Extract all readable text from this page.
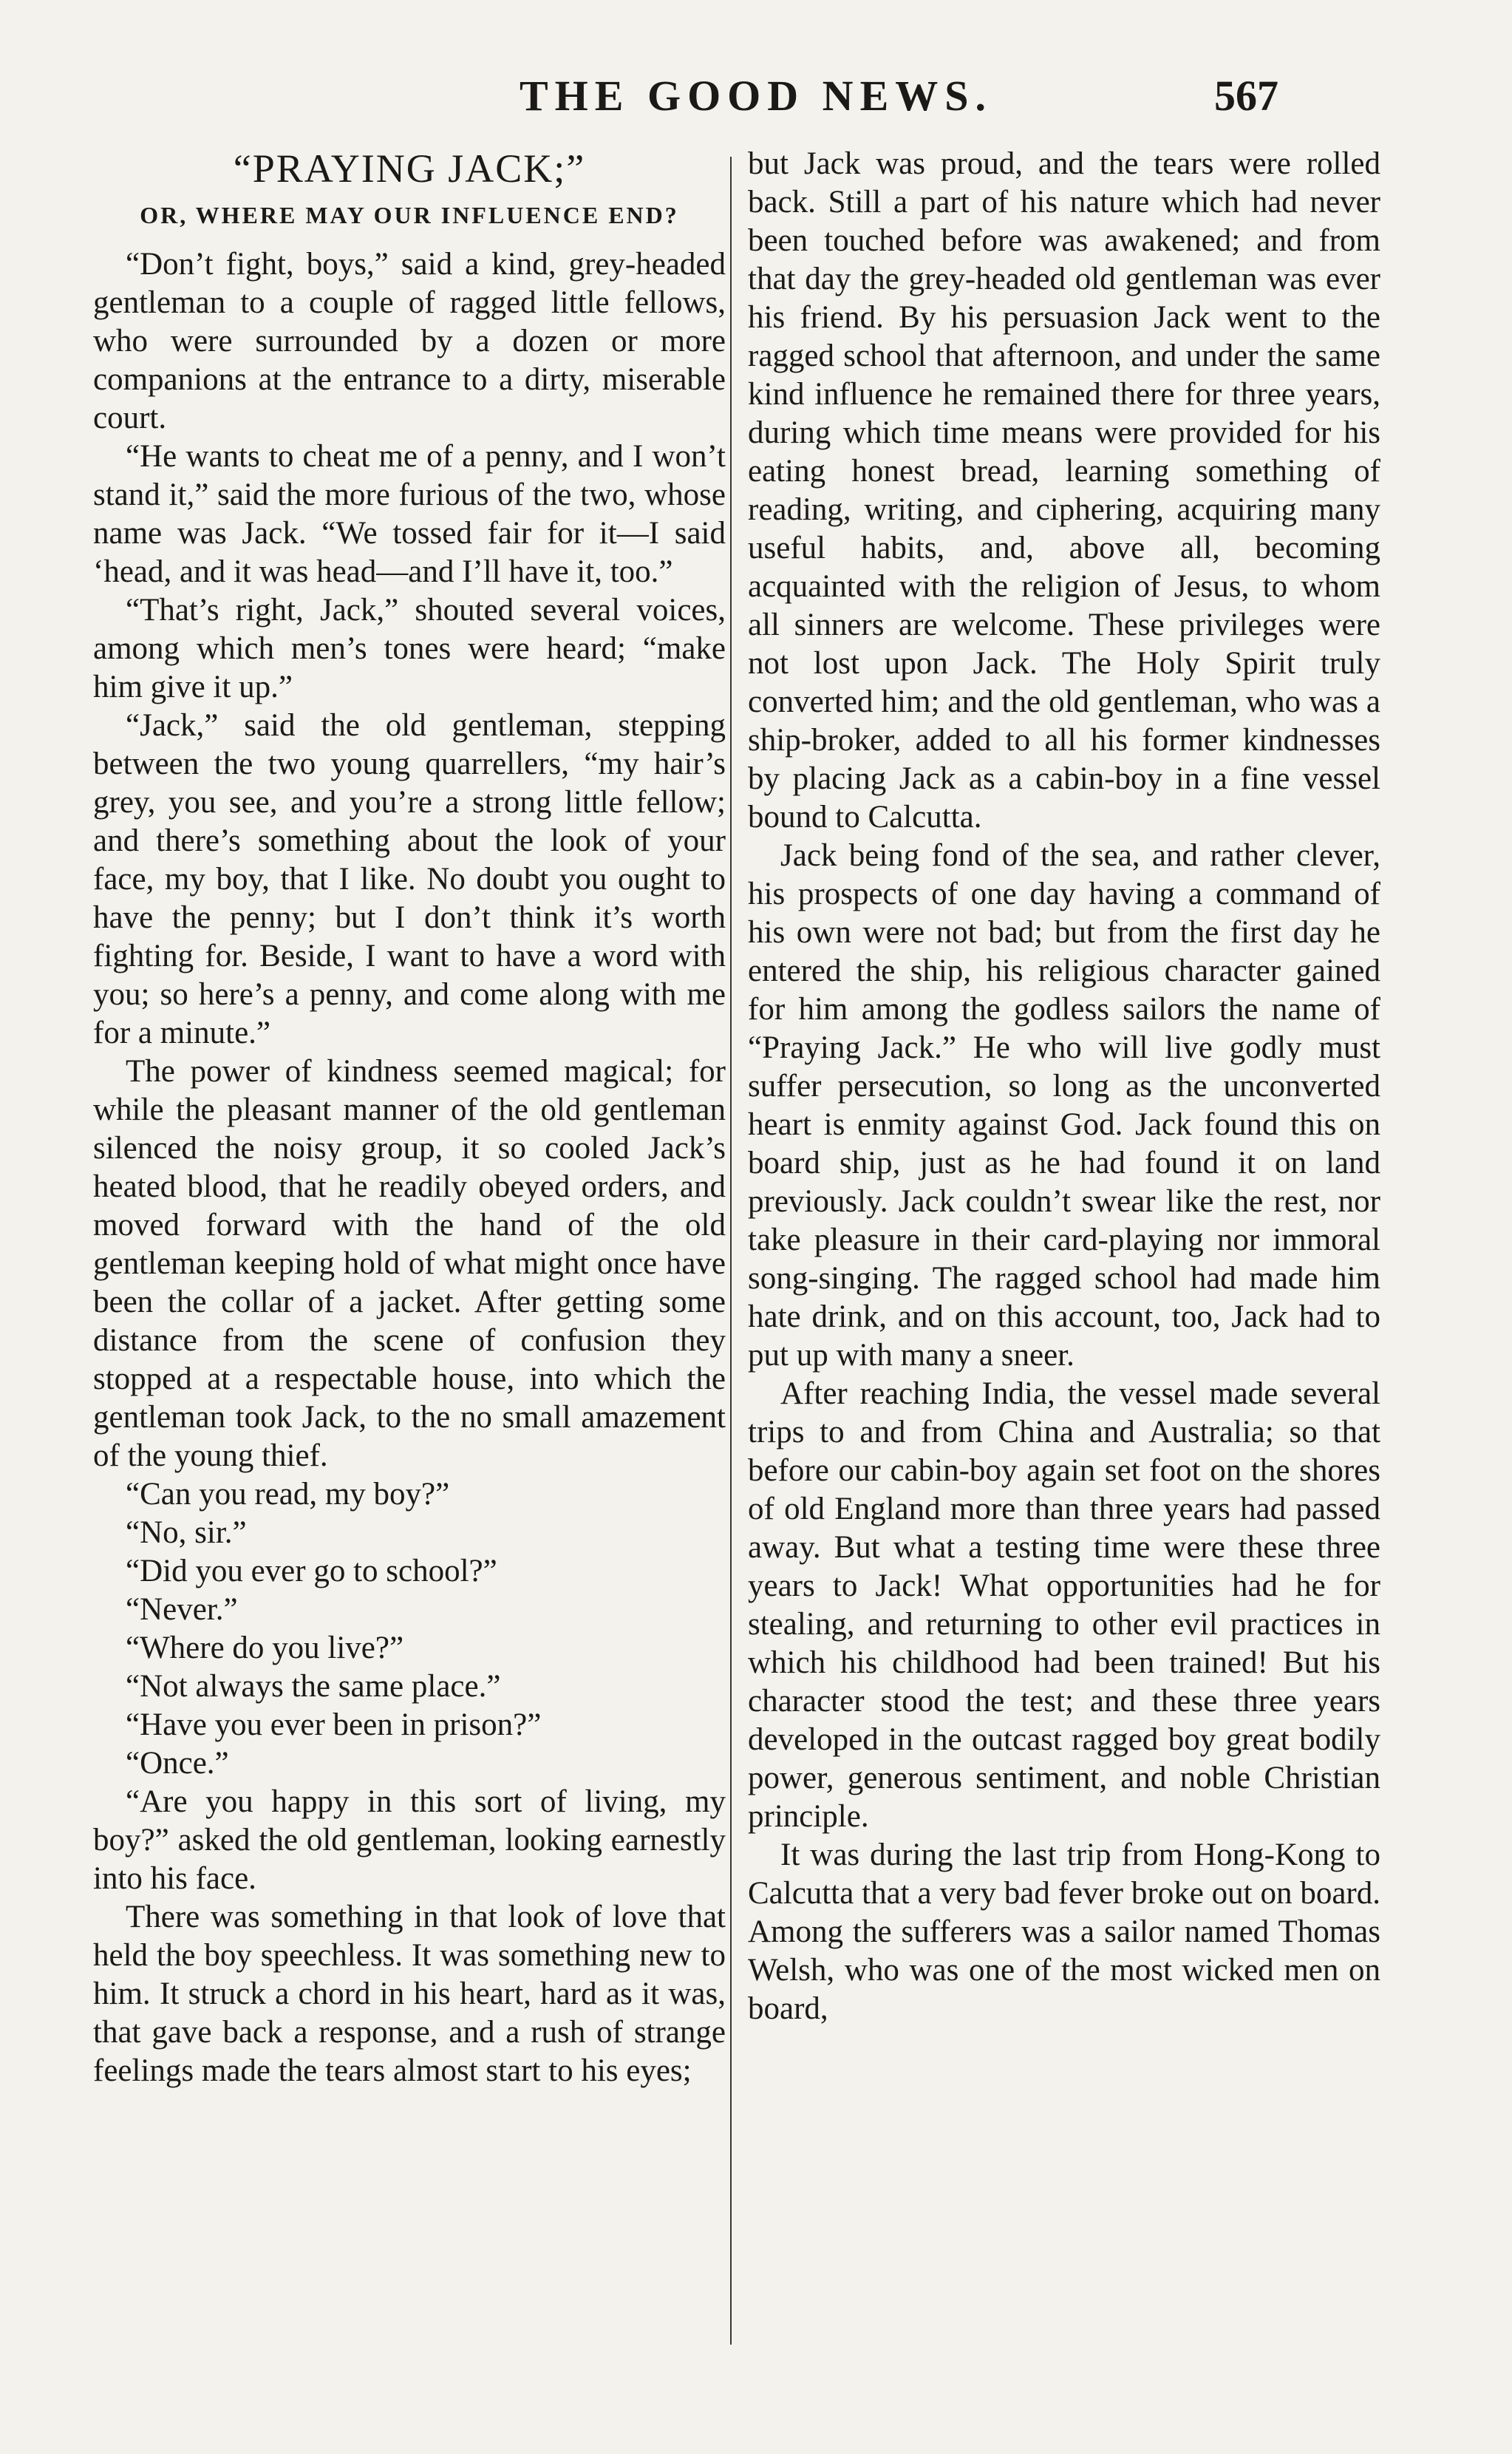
THE GOOD NEWS.	567
“PRAYING JACK;”
OR, WHERE MAY OUR INFLUENCE END?

“Don’t fight, boys,” said a kind, grey-headed gentleman to a couple of ragged little fellows, who were surrounded by a dozen or more companions at the entrance to a dirty, miserable court.

“He wants to cheat me of a penny, and I won’t stand it,” said the more furious of the two, whose name was Jack. “We tossed fair for it—I said ‘head, and it was head—and I’ll have it, too.”

“That’s right, Jack,” shouted several voices, among which men’s tones were heard; “make him give it up.”

“Jack,” said the old gentleman, stepping between the two young quarrellers, “my hair’s grey, you see, and you’re a strong little fellow; and there’s something about the look of your face, my boy, that I like. No doubt you ought to have the penny; but I don’t think it’s worth fighting for. Beside, I want to have a word with you; so here’s a penny, and come along with me for a minute.”

The power of kindness seemed magical; for while the pleasant manner of the old gentleman silenced the noisy group, it so cooled Jack’s heated blood, that he readily obeyed orders, and moved forward with the hand of the old gentleman keeping hold of what might once have been the collar of a jacket. After getting some distance from the scene of confusion they stopped at a respectable house, into which the gentleman took Jack, to the no small amazement of the young thief.

“Can you read, my boy?”

“No, sir.”

“Did you ever go to school?”

“Never.”

“Where do you live?”

“Not always the same place.”

“Have you ever been in prison?”

“Once.”

“Are you happy in this sort of living, my boy?” asked the old gentleman, looking earnestly into his face.

There was something in that look of love that held the boy speechless. It was something new to him. It struck a chord in his heart, hard as it was, that gave back a response, and a rush of strange feelings made the tears almost start to his eyes;

but Jack was proud, and the tears were rolled back. Still a part of his nature which had never been touched before was awakened; and from that day the grey-headed old gentleman was ever his friend. By his persuasion Jack went to the ragged school that afternoon, and under the same kind influence he remained there for three years, during which time means were provided for his eating honest bread, learning something of reading, writing, and ciphering, acquiring many useful habits, and, above all, becoming acquainted with the religion of Jesus, to whom all sinners are welcome. These privileges were not lost upon Jack. The Holy Spirit truly converted him; and the old gentleman, who was a ship-broker, added to all his former kindnesses by placing Jack as a cabin-boy in a fine vessel bound to Calcutta.

Jack being fond of the sea, and rather clever, his prospects of one day having a command of his own were not bad; but from the first day he entered the ship, his religious character gained for him among the godless sailors the name of “Praying Jack.” He who will live godly must suffer persecution, so long as the unconverted heart is enmity against God. Jack found this on board ship, just as he had found it on land previously. Jack couldn’t swear like the rest, nor take pleasure in their card-playing nor immoral song-singing. The ragged school had made him hate drink, and on this account, too, Jack had to put up with many a sneer.

After reaching India, the vessel made several trips to and from China and Australia; so that before our cabin-boy again set foot on the shores of old England more than three years had passed away. But what a testing time were these three years to Jack! What opportunities had he for stealing, and returning to other evil practices in which his childhood had been trained! But his character stood the test; and these three years developed in the outcast ragged boy great bodily power, generous sentiment, and noble Christian principle.

It was during the last trip from Hong-Kong to Calcutta that a very bad fever broke out on board. Among the sufferers was a sailor named Thomas Welsh, who was one of the most wicked men on board,
